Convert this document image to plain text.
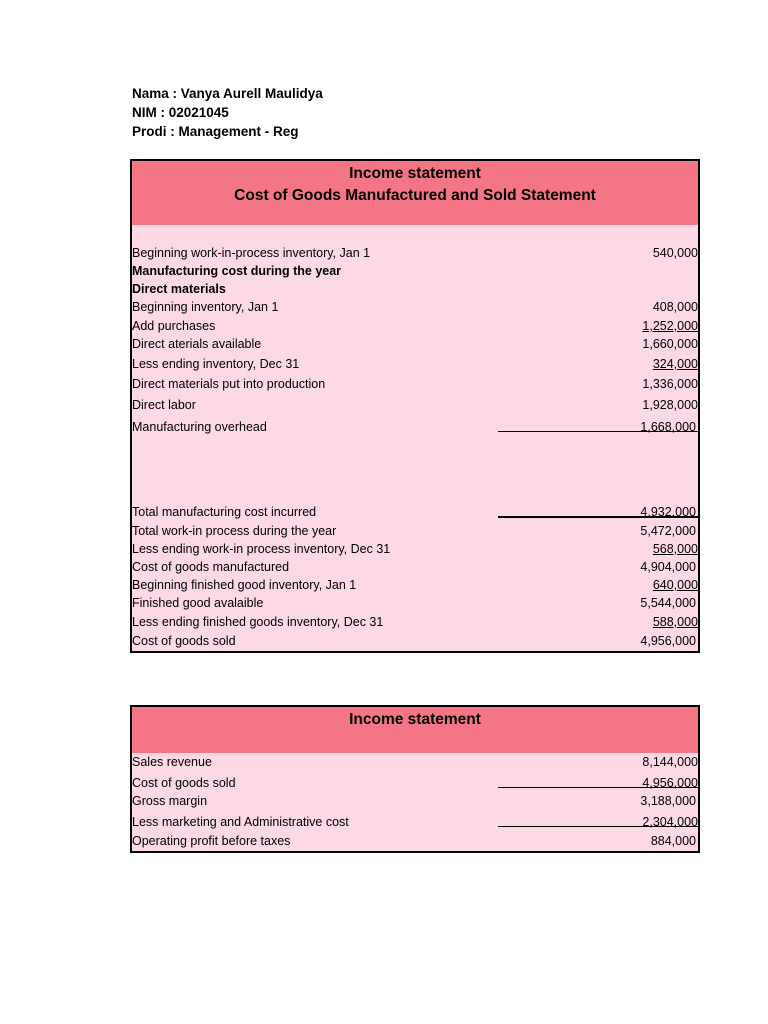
Nama : Vanya Aurell Maulidya
NIM : 02021045
Prodi : Management - Reg
Income statement
Cost of Goods Manufactured and Sold Statement
Beginning work-in-process inventory, Jan 1	540,000
Manufacturing cost during the year
Direct materials
Beginning inventory, Jan 1	408,000
Add purchases	1,252,000
Direct aterials available	1,660,000
Less ending inventory, Dec 31	324,000
Direct materials put into production	1,336,000
Direct labor	1,928,000
Manufacturing overhead	1,668,000
Total manufacturing cost incurred	4,932,000
Total work-in process during the year	5,472,000
Less ending work-in process inventory, Dec 31	568,000
Cost of goods manufactured	4,904,000
Beginning finished good inventory, Jan 1	640,000
Finished good avalaible	5,544,000
Less ending finished goods inventory, Dec 31	588,000
Cost of goods sold	4,956,000
Income statement
Sales revenue	8,144,000
Cost of goods sold	4,956,000
Gross margin	3,188,000
Less marketing and Administrative cost	2,304,000
Operating profit before taxes	884,000
